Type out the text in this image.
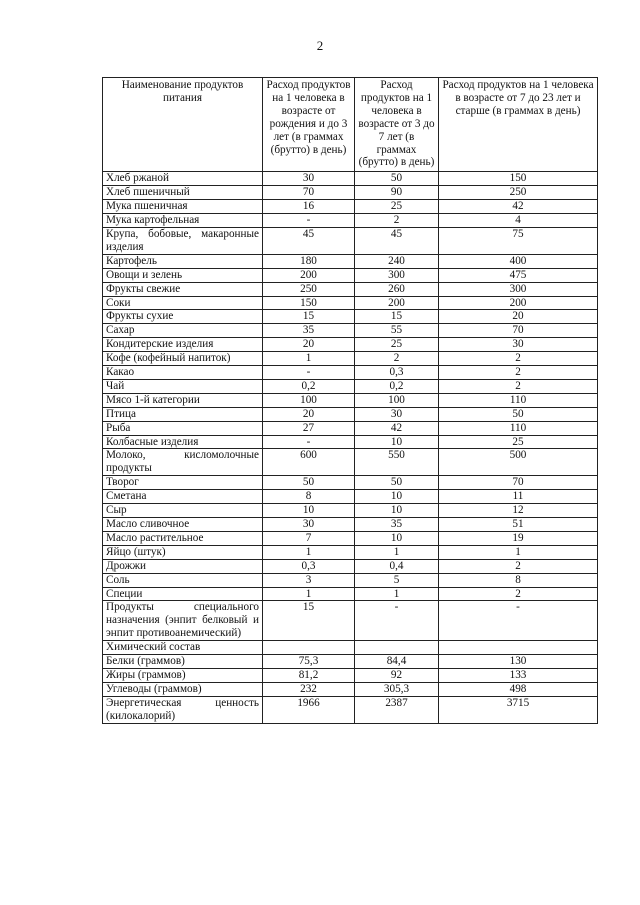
2
Наименование продуктов питания	Расход продуктов на 1 человека в возрасте от рождения и до 3 лет (в граммах (брутто) в день)	Расход продуктов на 1 человека в возрасте от 3 до 7 лет (в граммах (брутто) в день)	Расход продуктов на 1 человека в возрасте от 7 до 23 лет и старше (в граммах в день)
Хлеб ржаной	30	50	150
Хлеб пшеничный	70	90	250
Мука пшеничная	16	25	42
Мука картофельная	-	2	4
Крупа, бобовые, макаронные изделия	45	45	75
Картофель	180	240	400
Овощи и зелень	200	300	475
Фрукты свежие	250	260	300
Соки	150	200	200
Фрукты сухие	15	15	20
Сахар	35	55	70
Кондитерские изделия	20	25	30
Кофе (кофейный напиток)	1	2	2
Какао	-	0,3	2
Чай	0,2	0,2	2
Мясо 1-й категории	100	100	110
Птица	20	30	50
Рыба	27	42	110
Колбасные изделия	-	10	25
Молоко, кисломолочные продукты	600	550	500
Творог	50	50	70
Сметана	8	10	11
Сыр	10	10	12
Масло сливочное	30	35	51
Масло растительное	7	10	19
Яйцо (штук)	1	1	1
Дрожжи	0,3	0,4	2
Соль	3	5	8
Специи	1	1	2
Продукты специального назначения (энпит белковый и энпит противоанемический)	15	-	-
Химический состав			
Белки (граммов)	75,3	84,4	130
Жиры (граммов)	81,2	92	133
Углеводы (граммов)	232	305,3	498
Энергетическая ценность (килокалорий)	1966	2387	3715
